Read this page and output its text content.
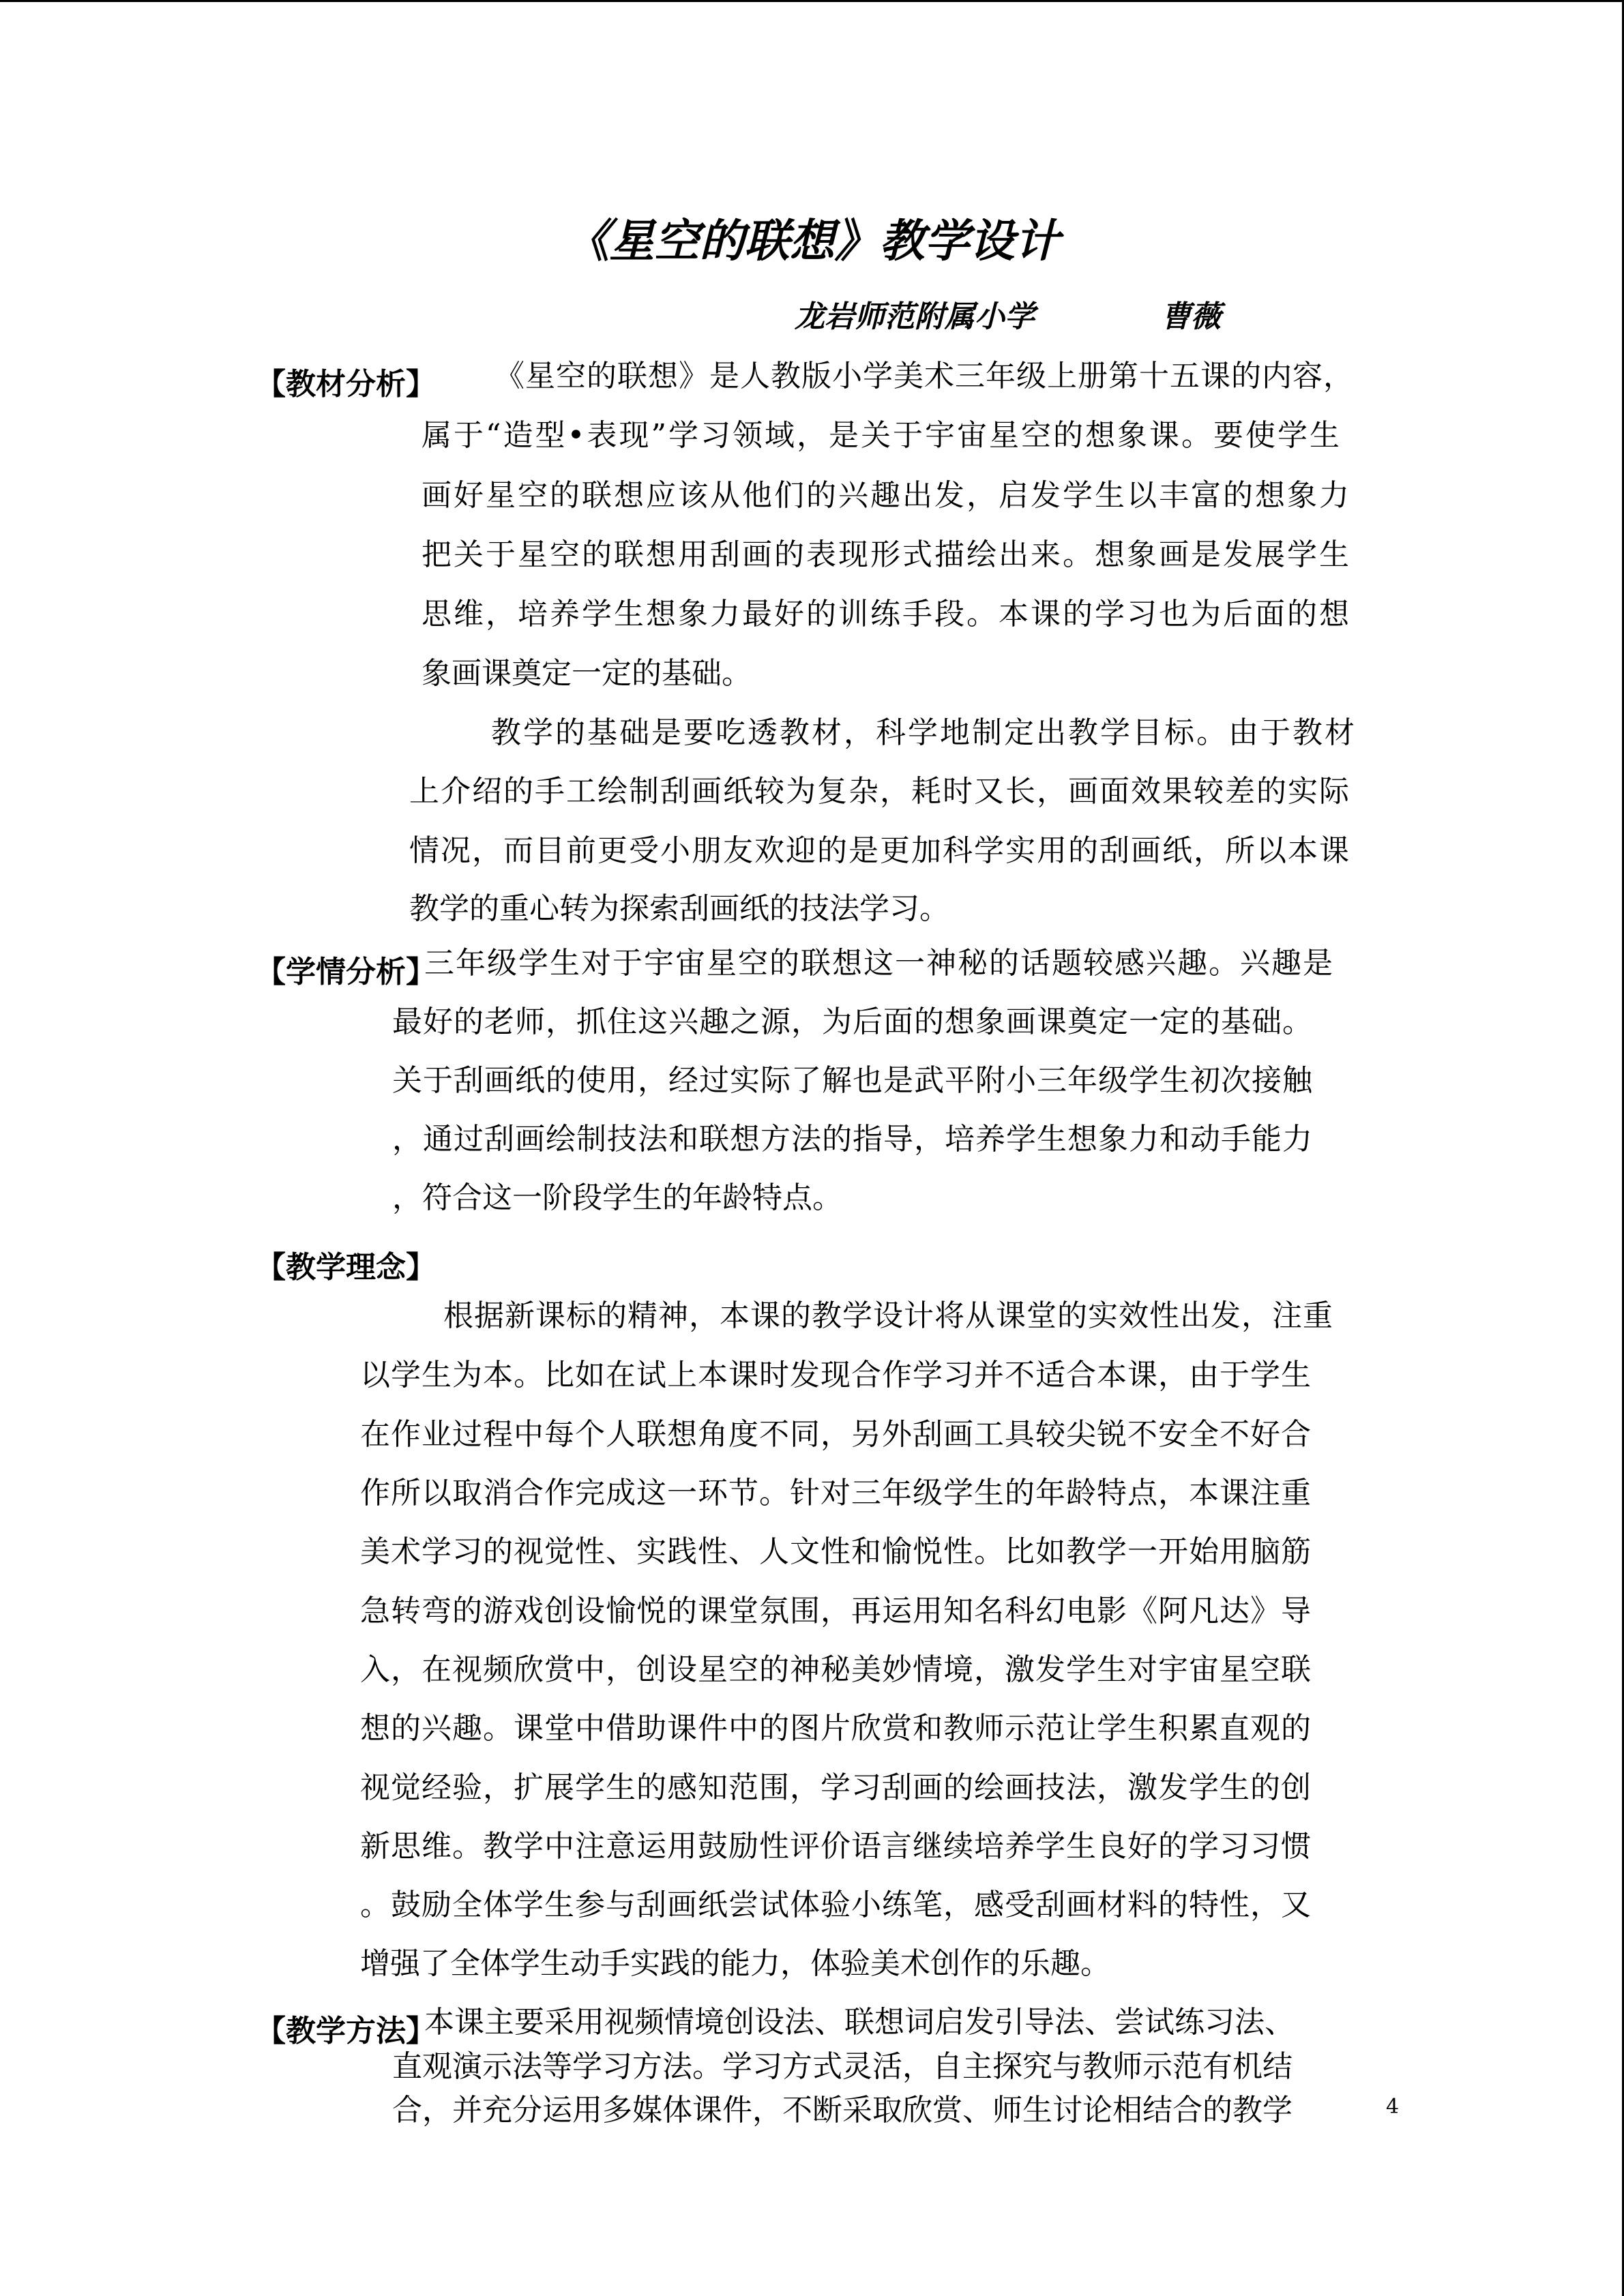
《星空的联想》教学设计
龙岩师范附属小学	曹薇
【教材分析】 《星空的联想》是人教版小学美术三年级上册第十五课的内容，
属于“造型•表现”学习领域，是关于宇宙星空的想象课。要使学生
画好星空的联想应该从他们的兴趣出发，启发学生以丰富的想象力
把关于星空的联想用刮画的表现形式描绘出来。想象画是发展学生
思维，培养学生想象力最好的训练手段。本课的学习也为后面的想
象画课奠定一定的基础。
教学的基础是要吃透教材，科学地制定出教学目标。由于教材
上介绍的手工绘制刮画纸较为复杂，耗时又长，画面效果较差的实际
情况，而目前更受小朋友欢迎的是更加科学实用的刮画纸，所以本课
教学的重心转为探索刮画纸的技法学习。
【学情分析】
三年级学生对于宇宙星空的联想这一神秘的话题较感兴趣。兴趣是
最好的老师，抓住这兴趣之源，为后面的想象画课奠定一定的基础。
关于刮画纸的使用，经过实际了解也是武平附小三年级学生初次接触
，通过刮画绘制技法和联想方法的指导，培养学生想象力和动手能力
，符合这一阶段学生的年龄特点。
【教学理念】
根据新课标的精神，本课的教学设计将从课堂的实效性出发，注重
以学生为本。比如在试上本课时发现合作学习并不适合本课，由于学生
在作业过程中每个人联想角度不同，另外刮画工具较尖锐不安全不好合
作所以取消合作完成这一环节。针对三年级学生的年龄特点，本课注重
美术学习的视觉性、实践性、人文性和愉悦性。比如教学一开始用脑筋
急转弯的游戏创设愉悦的课堂氛围，再运用知名科幻电影《阿凡达》导
入，在视频欣赏中，创设星空的神秘美妙情境，激发学生对宇宙星空联
想的兴趣。课堂中借助课件中的图片欣赏和教师示范让学生积累直观的
视觉经验，扩展学生的感知范围，学习刮画的绘画技法，激发学生的创
新思维。教学中注意运用鼓励性评价语言继续培养学生良好的学习习惯
。鼓励全体学生参与刮画纸尝试体验小练笔，感受刮画材料的特性，又
增强了全体学生动手实践的能力，体验美术创作的乐趣。
【教学方法】
本课主要采用视频情境创设法、联想词启发引导法、尝试练习法、
直观演示法等学习方法。学习方式灵活，自主探究与教师示范有机结
合，并充分运用多媒体课件，不断采取欣赏、师生讨论相结合的教学	4
